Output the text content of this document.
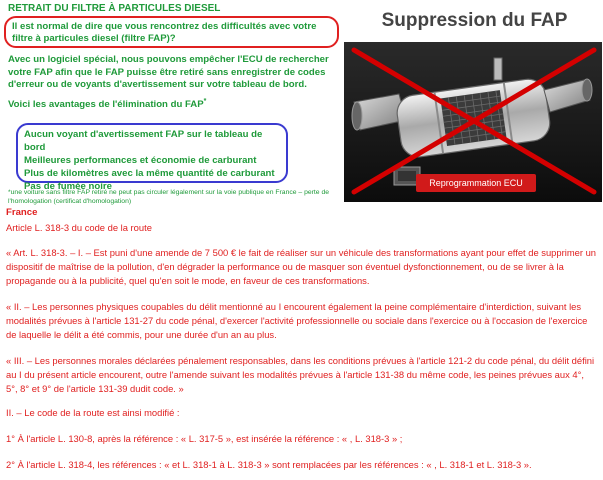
RETRAIT DU FILTRE À PARTICULES DIESEL
Il est normal de dire que vous rencontrez des difficultés avec votre filtre à particules diesel (filtre FAP)?
Avec un logiciel spécial, nous pouvons empêcher l'ECU de rechercher votre FAP afin que le FAP puisse être retiré sans enregistrer de codes d'erreur ou de voyants d'avertissement sur votre tableau de bord.
Voici les avantages de l'élimination du FAP*
Aucun voyant d'avertissement FAP sur le tableau de bord
Meilleures performances et économie de carburant
Plus de kilomètres avec la même quantité de carburant
Pas de fumée noire
*une voiture sans filtre FAP retiré ne peut pas circuler légalement sur la voie publique en France – perte de l'homologation (certificat d'homologation)
Suppression du FAP
Reprogrammation ECU
France
Article L. 318-3 du code de la route
« Art. L. 318-3. – I. – Est puni d'une amende de 7 500 € le fait de réaliser sur un véhicule des transformations ayant pour effet de supprimer un dispositif de maîtrise de la pollution, d'en dégrader la performance ou de masquer son éventuel dysfonctionnement, ou de se livrer à la propagande ou à la publicité, quel qu'en soit le mode, en faveur de ces transformations.
« II. – Les personnes physiques coupables du délit mentionné au I encourent également la peine complémentaire d'interdiction, suivant les modalités prévues à l'article 131-27 du code pénal, d'exercer l'activité professionnelle ou sociale dans l'exercice ou à l'occasion de l'exercice de laquelle le délit a été commis, pour une durée d'un an au plus.
« III. – Les personnes morales déclarées pénalement responsables, dans les conditions prévues à l'article 121-2 du code pénal, du délit défini au I du présent article encourent, outre l'amende suivant les modalités prévues à l'article 131-38 du même code, les peines prévues aux 4°, 5°, 8° et 9° de l'article 131-39 dudit code. »
II. – Le code de la route est ainsi modifié :
1° À l'article L. 130-8, après la référence : « L. 317-5 », est insérée la référence : « , L. 318-3 » ;
2° À l'article L. 318-4, les références : « et L. 318-1 à L. 318-3 » sont remplacées par les références : « , L. 318-1 et L. 318-3 ».
